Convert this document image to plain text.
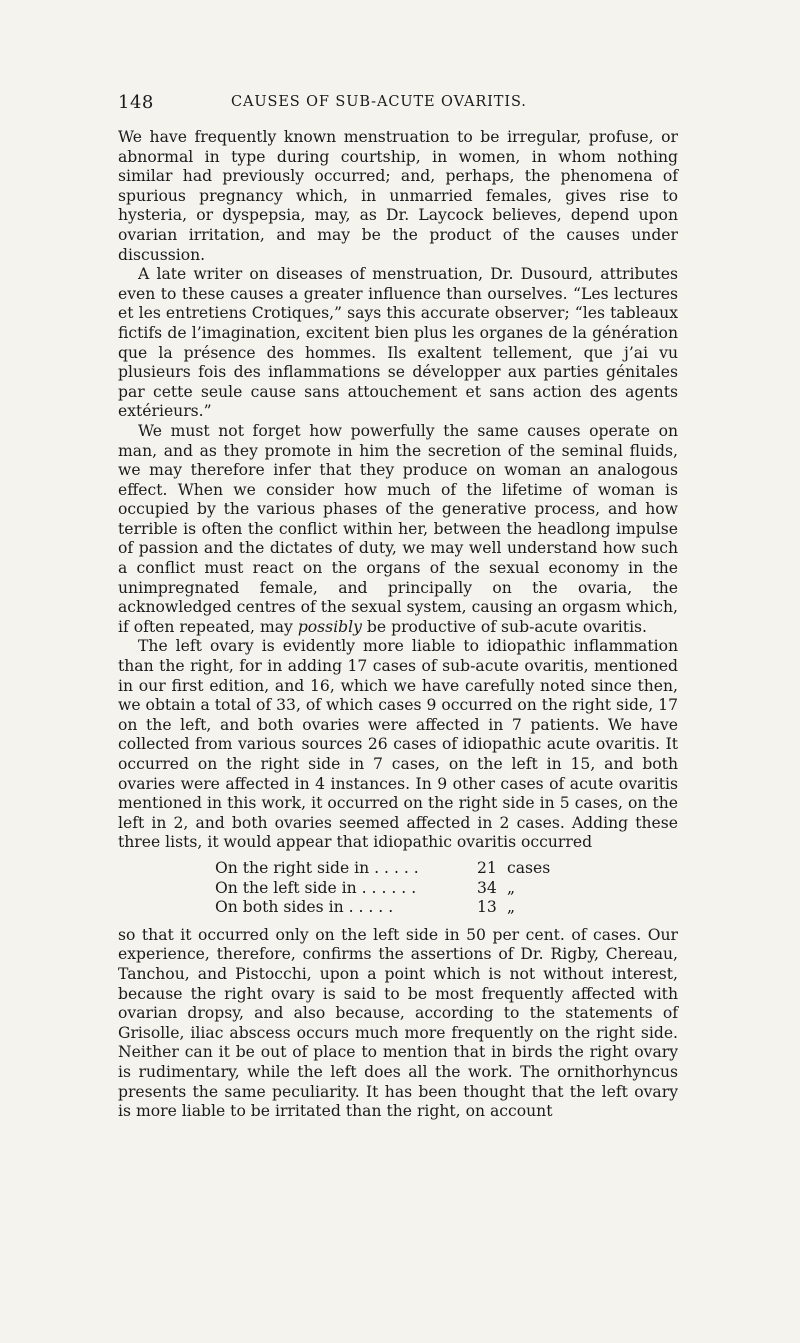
148	CAUSES OF SUB-ACUTE OVARITIS.

We have frequently known menstruation to be irregular, profuse, or abnormal in type during courtship, in women, in whom nothing similar had previously occurred; and, perhaps, the phenomena of spurious pregnancy which, in unmarried females, gives rise to hysteria, or dyspepsia, may, as Dr. Laycock believes, depend upon ovarian irritation, and may be the product of the causes under discussion.

A late writer on diseases of menstruation, Dr. Dusourd, attributes even to these causes a greater influence than ourselves. “Les lectures et les entretiens Crotiques,” says this accurate observer; “les tableaux fictifs de l’imagination, excitent bien plus les organes de la génération que la présence des hommes. Ils exaltent tellement, que j’ai vu plusieurs fois des inflammations se développer aux parties génitales par cette seule cause sans attouchement et sans action des agents extérieurs.”

We must not forget how powerfully the same causes operate on man, and as they promote in him the secretion of the seminal fluids, we may therefore infer that they produce on woman an analogous effect. When we consider how much of the lifetime of woman is occupied by the various phases of the generative process, and how terrible is often the conflict within her, between the headlong impulse of passion and the dictates of duty, we may well understand how such a conflict must react on the organs of the sexual economy in the unimpregnated female, and principally on the ovaria, the acknowledged centres of the sexual system, causing an orgasm which, if often repeated, may possibly be productive of sub-acute ovaritis.

The left ovary is evidently more liable to idiopathic inflammation than the right, for in adding 17 cases of sub-acute ovaritis, mentioned in our first edition, and 16, which we have carefully noted since then, we obtain a total of 33, of which cases 9 occurred on the right side, 17 on the left, and both ovaries were affected in 7 patients. We have collected from various sources 26 cases of idiopathic acute ovaritis. It occurred on the right side in 7 cases, on the left in 15, and both ovaries were affected in 4 instances. In 9 other cases of acute ovaritis mentioned in this work, it occurred on the right side in 5 cases, on the left in 2, and both ovaries seemed affected in 2 cases. Adding these three lists, it would appear that idiopathic ovaritis occurred

On the right side in . . . . .	21 cases
On the left side in . . . . . .	34 „
On both sides in . . . . .	13 „

so that it occurred only on the left side in 50 per cent. of cases. Our experience, therefore, confirms the assertions of Dr. Rigby, Chereau, Tanchou, and Pistocchi, upon a point which is not without interest, because the right ovary is said to be most frequently affected with ovarian dropsy, and also because, according to the statements of Grisolle, iliac abscess occurs much more frequently on the right side. Neither can it be out of place to mention that in birds the right ovary is rudimentary, while the left does all the work. The ornithorhyncus presents the same peculiarity. It has been thought that the left ovary is more liable to be irritated than the right, on account
